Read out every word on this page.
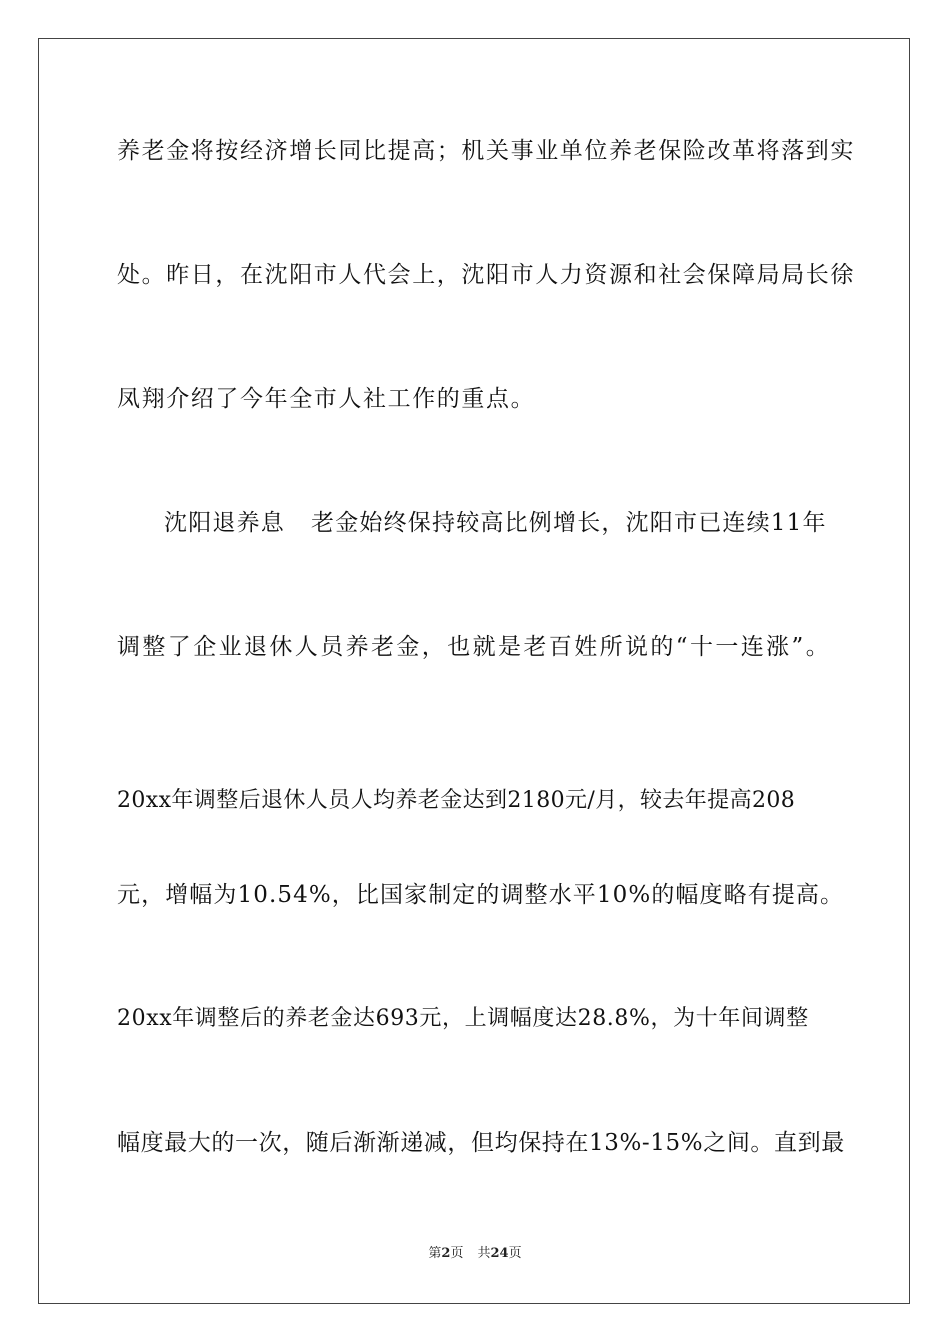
养老金将按经济增长同比提高；机关事业单位养老保险改革将落到实
处。昨日，在沈阳市人代会上，沈阳市人力资源和社会保障局局长徐
凤翔介绍了今年全市人社工作的重点。
沈阳退养息 老金始终保持较高比例增长，沈阳市已连续11年
调整了企业退休人员养老金，也就是老百姓所说的“十一连涨”。
20xx年调整后退休人员人均养老金达到2180元/月，较去年提高208
元，增幅为10.54%，比国家制定的调整水平10%的幅度略有提高。
20xx年调整后的养老金达693元，上调幅度达28.8%，为十年间调整
幅度最大的一次，随后渐渐递减，但均保持在13%-15%之间。直到最
第2页 共24页
